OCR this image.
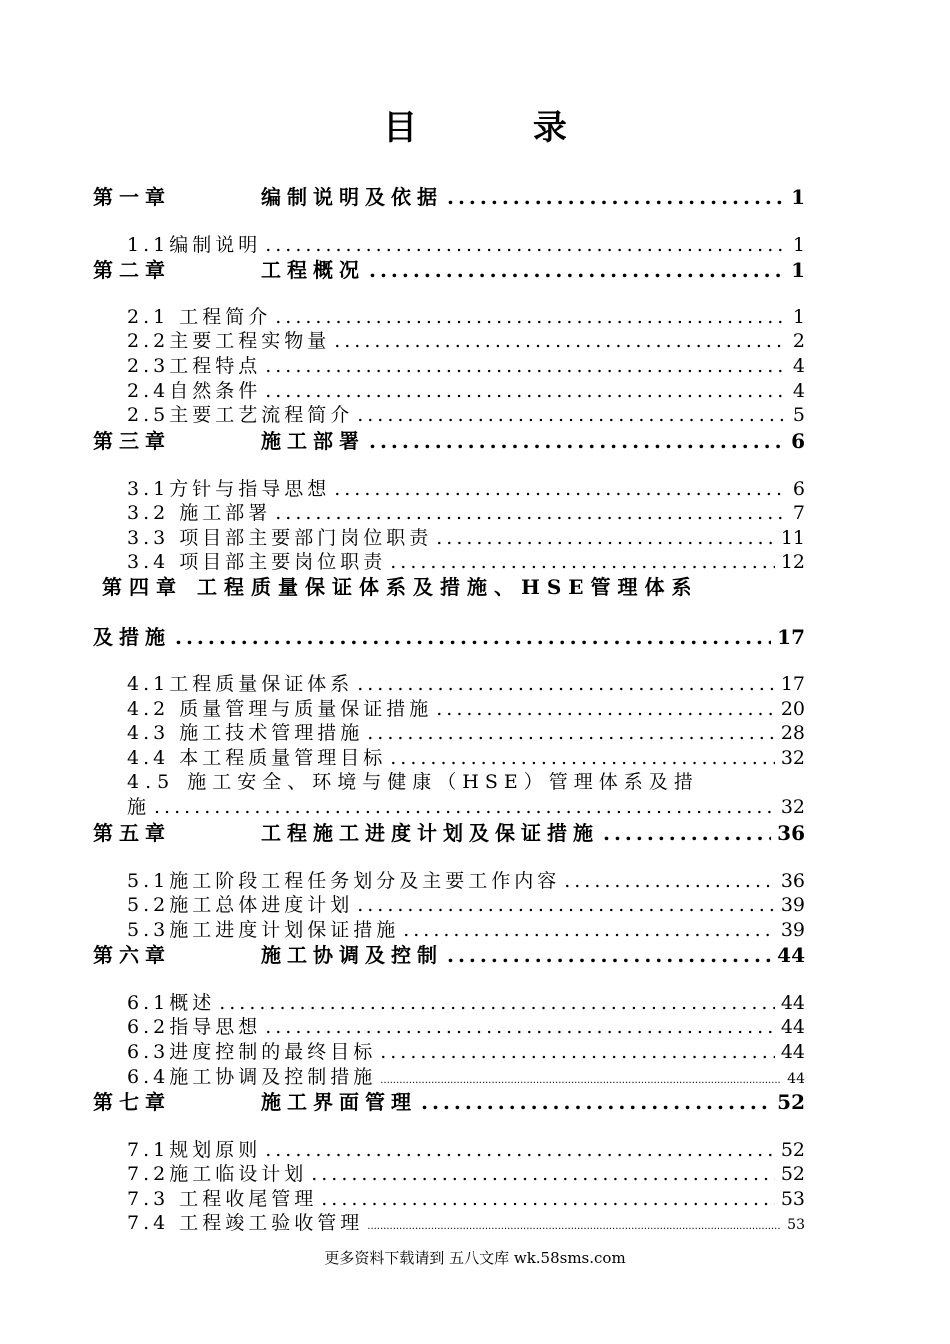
目 录
第一章	编制说明及依据 .....	1
1.1编制说明 .....	1
第二章	工程概况 .....	1
2.1 工程简介 .....	1
2.2主要工程实物量 .....	2
2.3工程特点 .....	4
2.4自然条件 .....	4
2.5主要工艺流程简介 .....	5
第三章	施工部署 .....	6
3.1方针与指导思想 .....	6
3.2 施工部署 .....	7
3.3 项目部主要部门岗位职责 .....	11
3.4 项目部主要岗位职责 .....	12
第四章 工程质量保证体系及措施、HSE管理体系
及措施 .....	17
4.1工程质量保证体系 .....	17
4.2 质量管理与质量保证措施 .....	20
4.3 施工技术管理措施 .....	28
4.4 本工程质量管理目标 .....	32
4.5 施工安全、环境与健康（HSE）管理体系及措
施 .....	32
第五章	工程施工进度计划及保证措施 .....	36
5.1施工阶段工程任务划分及主要工作内容 .....	36
5.2施工总体进度计划 .....	39
5.3施工进度计划保证措施 .....	39
第六章	施工协调及控制 .....	44
6.1概述 .....	44
6.2指导思想 .....	44
6.3进度控制的最终目标 .....	44
6.4施工协调及控制措施 .....	44
第七章	施工界面管理 .....	52
7.1规划原则 .....	52
7.2施工临设计划 .....	52
7.3 工程收尾管理 .....	53
7.4 工程竣工验收管理 .....	53
更多资料下载请到 五八文库 wk.58sms.com
